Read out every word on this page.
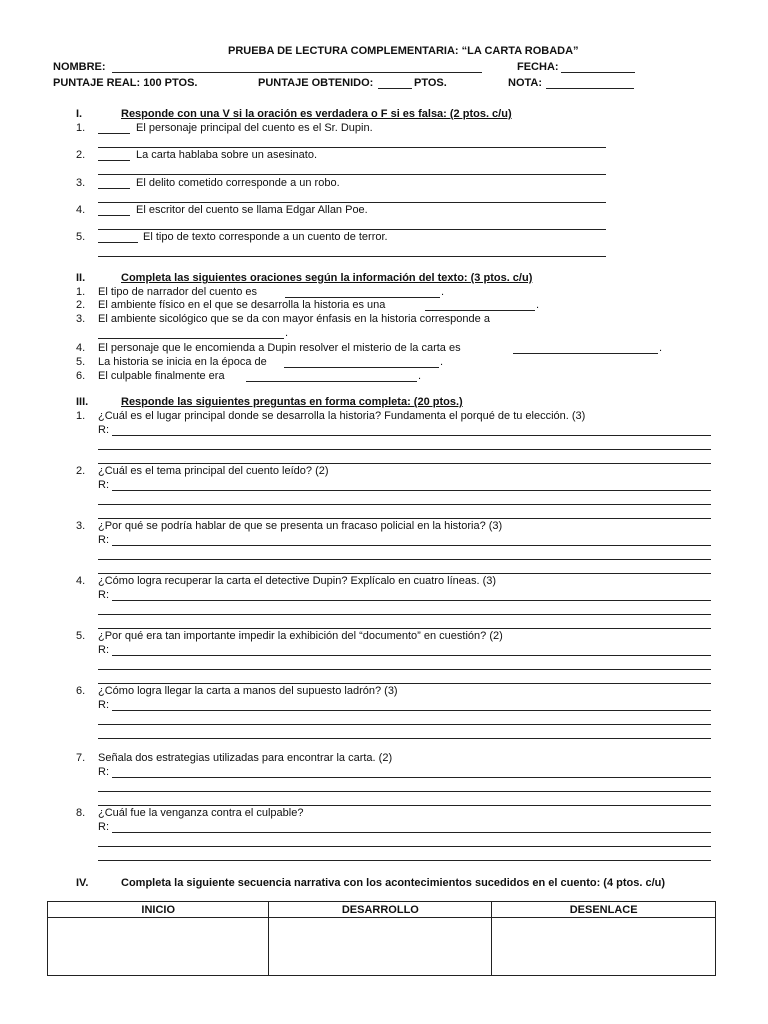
PRUEBA DE LECTURA COMPLEMENTARIA: “LA CARTA ROBADA”
NOMBRE:	FECHA:
PUNTAJE REAL: 100 PTOS.	PUNTAJE OBTENIDO:	PTOS.	NOTA:
I.	Responde con una V si la oración es verdadera o F si es falsa: (2 ptos. c/u)
1.	El personaje principal del cuento es el Sr. Dupin.
2.	La carta hablaba sobre un asesinato.
3.	El delito cometido corresponde a un robo.
4.	El escritor del cuento se llama Edgar Allan Poe.
5.	El tipo de texto corresponde a un cuento de terror.
II.	Completa las siguientes oraciones según la información del texto: (3 ptos. c/u)
1. El tipo de narrador del cuento es	.
2. El ambiente físico en el que se desarrolla la historia es una	.
3. El ambiente sicológico que se da con mayor énfasis en la historia corresponde a
.
4. El personaje que le encomienda a Dupin resolver el misterio de la carta es	.
5. La historia se inicia en la época de	.
6. El culpable finalmente era	.
III.	Responde las siguientes preguntas en forma completa: (20 ptos.)
1. ¿Cuál es el lugar principal donde se desarrolla la historia? Fundamenta el porqué de tu elección. (3)
R:
2. ¿Cuál es el tema principal del cuento leído? (2)
R:
3. ¿Por qué se podría hablar de que se presenta un fracaso policial en la historia? (3)
R:
4. ¿Cómo logra recuperar la carta el detective Dupin? Explícalo en cuatro líneas. (3)
R:
5. ¿Por qué era tan importante impedir la exhibición del “documento” en cuestión? (2)
R:
6. ¿Cómo logra llegar la carta a manos del supuesto ladrón? (3)
R:
7. Señala dos estrategias utilizadas para encontrar la carta. (2)
R:
8. ¿Cuál fue la venganza contra el culpable?
R:
IV.	Completa la siguiente secuencia narrativa con los acontecimientos sucedidos en el cuento: (4 ptos. c/u)
INICIO	DESARROLLO	DESENLACE
